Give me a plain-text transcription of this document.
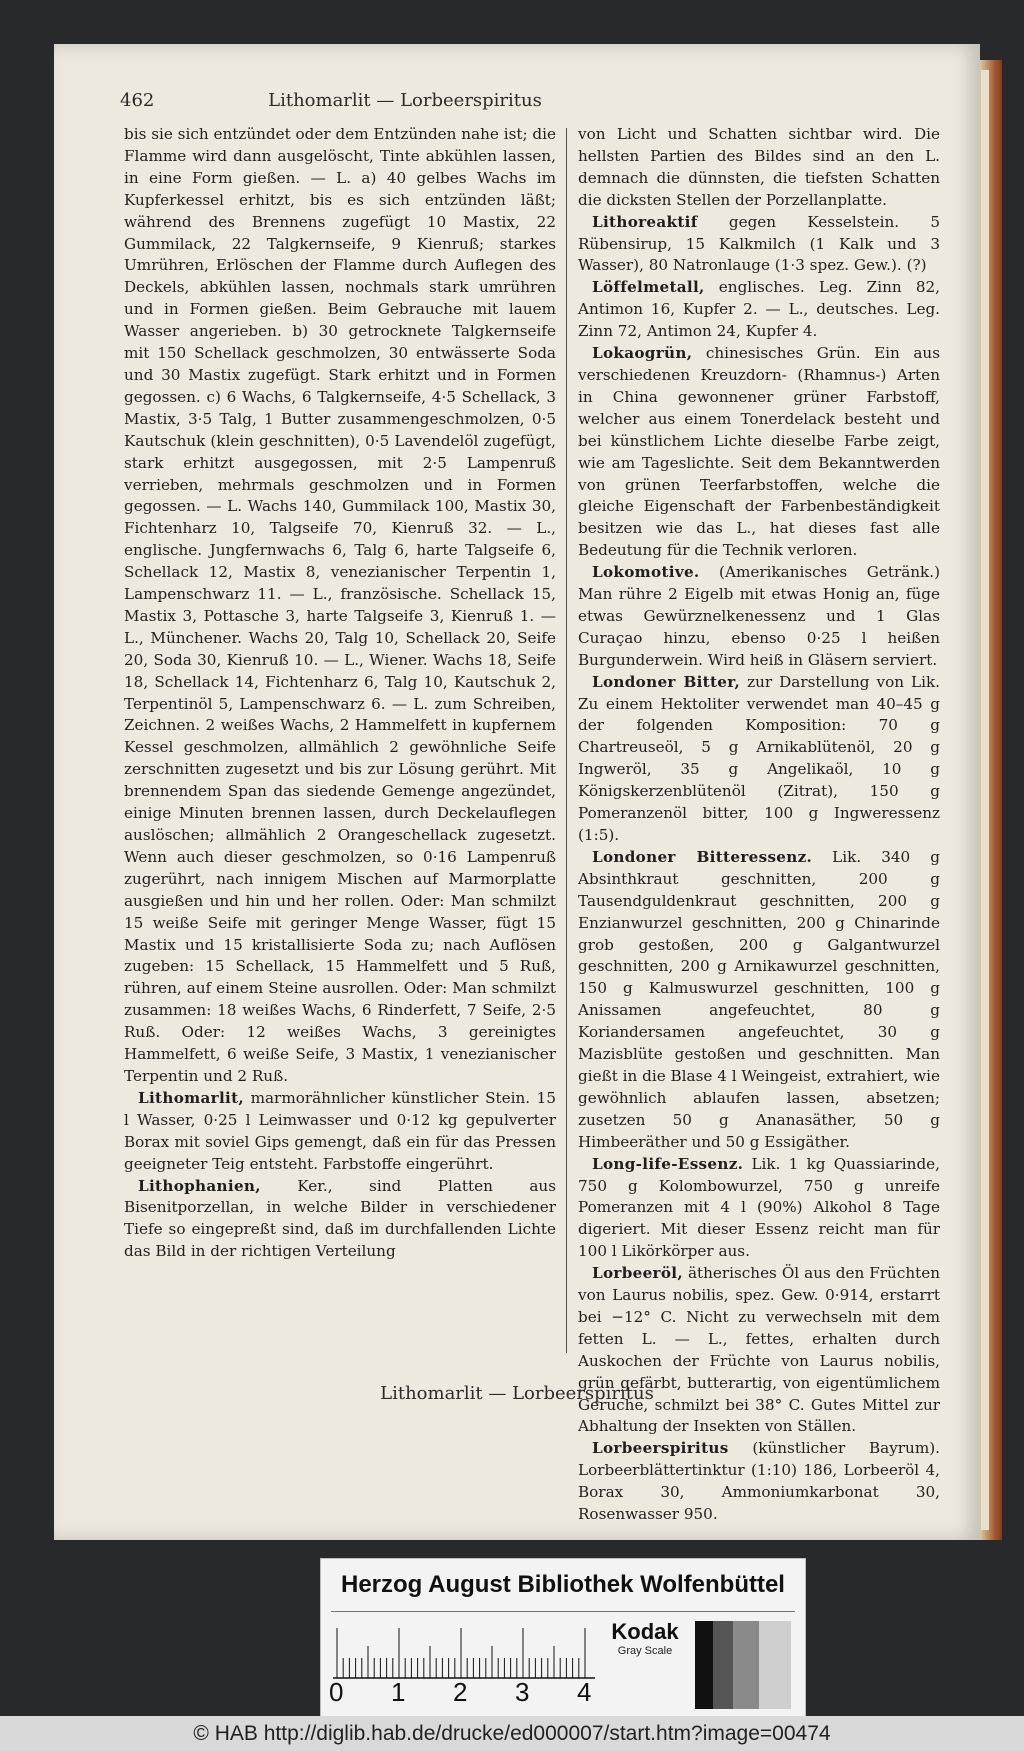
462	Lithomarlit — Lorbeerspiritus

bis sie sich entzündet oder dem Entzünden nahe ist; die Flamme wird dann ausgelöscht, Tinte abkühlen lassen, in eine Form gießen. — L. a) 40 gelbes Wachs im Kupferkessel erhitzt, bis es sich entzünden läßt; während des Brennens zugefügt 10 Mastix, 22 Gummilack, 22 Talgkernseife, 9 Kienruß; starkes Umrühren, Erlöschen der Flamme durch Auflegen des Deckels, abkühlen lassen, nochmals stark umrühren und in Formen gießen. Beim Gebrauche mit lauem Wasser angerieben. b) 30 getrocknete Talgkernseife mit 150 Schellack geschmolzen, 30 entwässerte Soda und 30 Mastix zugefügt. Stark erhitzt und in Formen gegossen. c) 6 Wachs, 6 Talgkernseife, 4·5 Schellack, 3 Mastix, 3·5 Talg, 1 Butter zusammengeschmolzen, 0·5 Kautschuk (klein geschnitten), 0·5 Lavendelöl zugefügt, stark erhitzt ausgegossen, mit 2·5 Lampenruß verrieben, mehrmals geschmolzen und in Formen gegossen. — L. Wachs 140, Gummilack 100, Mastix 30, Fichtenharz 10, Talgseife 70, Kienruß 32. — L., englische. Jungfernwachs 6, Talg 6, harte Talgseife 6, Schellack 12, Mastix 8, venezianischer Terpentin 1, Lampenschwarz 11. — L., französische. Schellack 15, Mastix 3, Pottasche 3, harte Talgseife 3, Kienruß 1. — L., Münchener. Wachs 20, Talg 10, Schellack 20, Seife 20, Soda 30, Kienruß 10. — L., Wiener. Wachs 18, Seife 18, Schellack 14, Fichtenharz 6, Talg 10, Kautschuk 2, Terpentinöl 5, Lampenschwarz 6. — L. zum Schreiben, Zeichnen. 2 weißes Wachs, 2 Hammelfett in kupfernem Kessel geschmolzen, allmählich 2 gewöhnliche Seife zerschnitten zugesetzt und bis zur Lösung gerührt. Mit brennendem Span das siedende Gemenge angezündet, einige Minuten brennen lassen, durch Deckelauflegen auslöschen; allmählich 2 Orangeschellack zugesetzt. Wenn auch dieser geschmolzen, so 0·16 Lampenruß zugerührt, nach innigem Mischen auf Marmorplatte ausgießen und hin und her rollen. Oder: Man schmilzt 15 weiße Seife mit geringer Menge Wasser, fügt 15 Mastix und 15 kristallisierte Soda zu; nach Auflösen zugeben: 15 Schellack, 15 Hammelfett und 5 Ruß, rühren, auf einem Steine ausrollen. Oder: Man schmilzt zusammen: 18 weißes Wachs, 6 Rinderfett, 7 Seife, 2·5 Ruß. Oder: 12 weißes Wachs, 3 gereinigtes Hammelfett, 6 weiße Seife, 3 Mastix, 1 venezianischer Terpentin und 2 Ruß.

Lithomarlit, marmorähnlicher künstlicher Stein. 15 l Wasser, 0·25 l Leimwasser und 0·12 kg gepulverter Borax mit soviel Gips gemengt, daß ein für das Pressen geeigneter Teig entsteht. Farbstoffe eingerührt.

Lithophanien, Ker., sind Platten aus Bisenitporzellan, in welche Bilder in verschiedener Tiefe so eingepreßt sind, daß im durchfallenden Lichte das Bild in der richtigen Verteilung

von Licht und Schatten sichtbar wird. Die hellsten Partien des Bildes sind an den L. demnach die dünnsten, die tiefsten Schatten die dicksten Stellen der Porzellanplatte.

Lithoreaktif gegen Kesselstein. 5 Rübensirup, 15 Kalkmilch (1 Kalk und 3 Wasser), 80 Natronlauge (1·3 spez. Gew.). (?)

Löffelmetall, englisches. Leg. Zinn 82, Antimon 16, Kupfer 2. — L., deutsches. Leg. Zinn 72, Antimon 24, Kupfer 4.

Lokaogrün, chinesisches Grün. Ein aus verschiedenen Kreuzdorn- (Rhamnus-) Arten in China gewonnener grüner Farbstoff, welcher aus einem Tonerdelack besteht und bei künstlichem Lichte dieselbe Farbe zeigt, wie am Tageslichte. Seit dem Bekanntwerden von grünen Teerfarbstoffen, welche die gleiche Eigenschaft der Farbenbeständigkeit besitzen wie das L., hat dieses fast alle Bedeutung für die Technik verloren.

Lokomotive. (Amerikanisches Getränk.) Man rühre 2 Eigelb mit etwas Honig an, füge etwas Gewürznelkenessenz und 1 Glas Curaçao hinzu, ebenso 0·25 l heißen Burgunderwein. Wird heiß in Gläsern serviert.

Londoner Bitter, zur Darstellung von Lik. Zu einem Hektoliter verwendet man 40–45 g der folgenden Komposition: 70 g Chartreuseöl, 5 g Arnikablütenöl, 20 g Ingweröl, 35 g Angelikaöl, 10 g Königskerzenblütenöl (Zitrat), 150 g Pomeranzenöl bitter, 100 g Ingweressenz (1:5).

Londoner Bitteressenz. Lik. 340 g Absinthkraut geschnitten, 200 g Tausendguldenkraut geschnitten, 200 g Enzianwurzel geschnitten, 200 g Chinarinde grob gestoßen, 200 g Galgantwurzel geschnitten, 200 g Arnikawurzel geschnitten, 150 g Kalmuswurzel geschnitten, 100 g Anissamen angefeuchtet, 80 g Koriandersamen angefeuchtet, 30 g Mazisblüte gestoßen und geschnitten. Man gießt in die Blase 4 l Weingeist, extrahiert, wie gewöhnlich ablaufen lassen, absetzen; zusetzen 50 g Ananasäther, 50 g Himbeeräther und 50 g Essigäther.

Long-life-Essenz. Lik. 1 kg Quassiarinde, 750 g Kolombowurzel, 750 g unreife Pomeranzen mit 4 l (90%) Alkohol 8 Tage digeriert. Mit dieser Essenz reicht man für 100 l Likörkörper aus.

Lorbeeröl, ätherisches Öl aus den Früchten von Laurus nobilis, spez. Gew. 0·914, erstarrt bei −12° C. Nicht zu verwechseln mit dem fetten L. — L., fettes, erhalten durch Auskochen der Früchte von Laurus nobilis, grün gefärbt, butterartig, von eigentümlichem Geruche, schmilzt bei 38° C. Gutes Mittel zur Abhaltung der Insekten von Ställen.

Lorbeerspiritus (künstlicher Bayrum). Lorbeerblättertinktur (1:10) 186, Lorbeeröl 4, Borax 30, Ammoniumkarbonat 30, Rosenwasser 950.

Lithomarlit — Lorbeerspiritus
Herzog August Bibliothek Wolfenbüttel
0 1 2 3 4
Kodak
Gray Scale
© HAB http://diglib.hab.de/drucke/ed000007/start.htm?image=00474
